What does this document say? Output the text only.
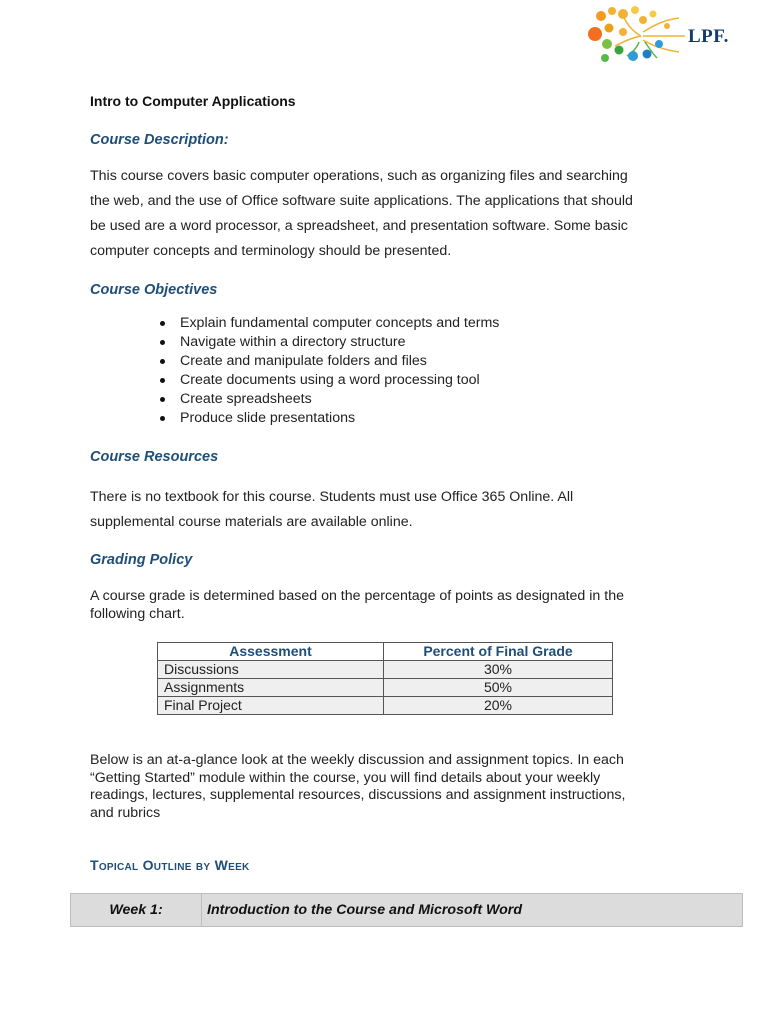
LPF.
Intro to Computer Applications
Course Description:
This course covers basic computer operations, such as organizing files and searching
the web, and the use of Office software suite applications. The applications that should
be used are a word processor, a spreadsheet, and presentation software. Some basic
computer concepts and terminology should be presented.
Course Objectives
Explain fundamental computer concepts and terms
Navigate within a directory structure
Create and manipulate folders and files
Create documents using a word processing tool
Create spreadsheets
Produce slide presentations
Course Resources
There is no textbook for this course. Students must use Office 365 Online. All
supplemental course materials are available online.
Grading Policy
A course grade is determined based on the percentage of points as designated in the
following chart.
Assessment	Percent of Final Grade
Discussions	30%
Assignments	50%
Final Project	20%
Below is an at-a-glance look at the weekly discussion and assignment topics. In each
“Getting Started” module within the course, you will find details about your weekly
readings, lectures, supplemental resources, discussions and assignment instructions,
and rubrics
Topical Outline by Week
Week 1:	Introduction to the Course and Microsoft Word
